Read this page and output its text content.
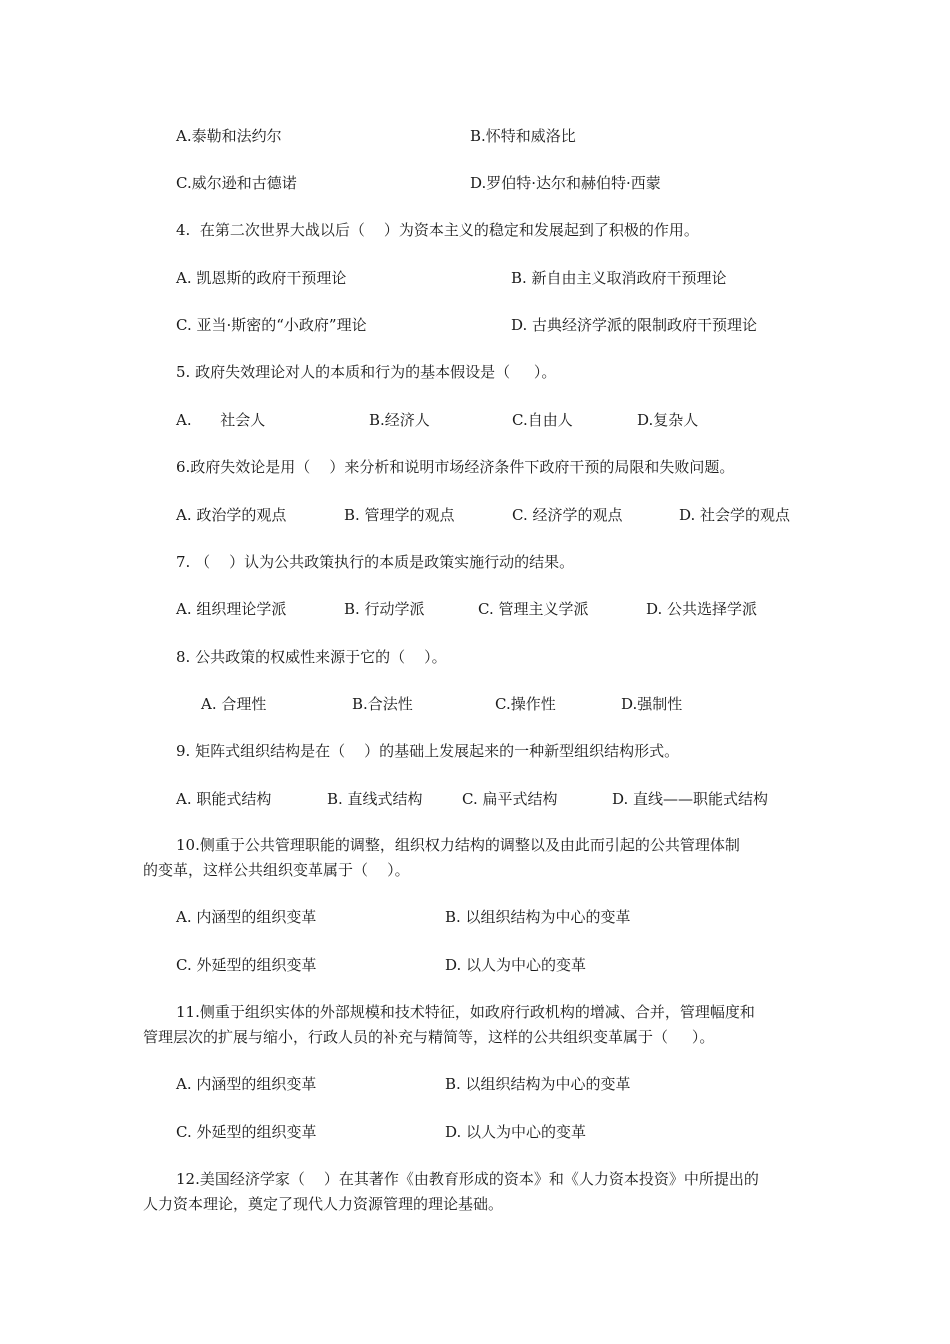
A.泰勒和法约尔	B.怀特和威洛比
C.威尔逊和古德诺	D.罗伯特·达尔和赫伯特·西蒙
4.  在第二次世界大战以后（    ）为资本主义的稳定和发展起到了积极的作用。
A. 凯恩斯的政府干预理论	B. 新自由主义取消政府干预理论
C. 亚当·斯密的“小政府”理论	D. 古典经济学派的限制政府干预理论
5. 政府失效理论对人的本质和行为的基本假设是（     ）。
A.      社会人	B.经济人	C.自由人	D.复杂人
6.政府失效论是用（    ）来分析和说明市场经济条件下政府干预的局限和失败问题。
A. 政治学的观点	B. 管理学的观点	C. 经济学的观点	D. 社会学的观点
7. （    ）认为公共政策执行的本质是政策实施行动的结果。
A. 组织理论学派	B. 行动学派	C. 管理主义学派	D. 公共选择学派
8. 公共政策的权威性来源于它的（    ）。
A. 合理性	B.合法性	C.操作性	D.强制性
9. 矩阵式组织结构是在（    ）的基础上发展起来的一种新型组织结构形式。
A. 职能式结构	B. 直线式结构	C. 扁平式结构	D. 直线——职能式结构
10.侧重于公共管理职能的调整，组织权力结构的调整以及由此而引起的公共管理体制
的变革，这样公共组织变革属于（    ）。
A. 内涵型的组织变革	B. 以组织结构为中心的变革
C. 外延型的组织变革	D. 以人为中心的变革
11.侧重于组织实体的外部规模和技术特征，如政府行政机构的增减、合并，管理幅度和
管理层次的扩展与缩小，行政人员的补充与精简等，这样的公共组织变革属于（     ）。
A. 内涵型的组织变革	B. 以组织结构为中心的变革
C. 外延型的组织变革	D. 以人为中心的变革
12.美国经济学家（    ）在其著作《由教育形成的资本》和《人力资本投资》中所提出的
人力资本理论，奠定了现代人力资源管理的理论基础。
